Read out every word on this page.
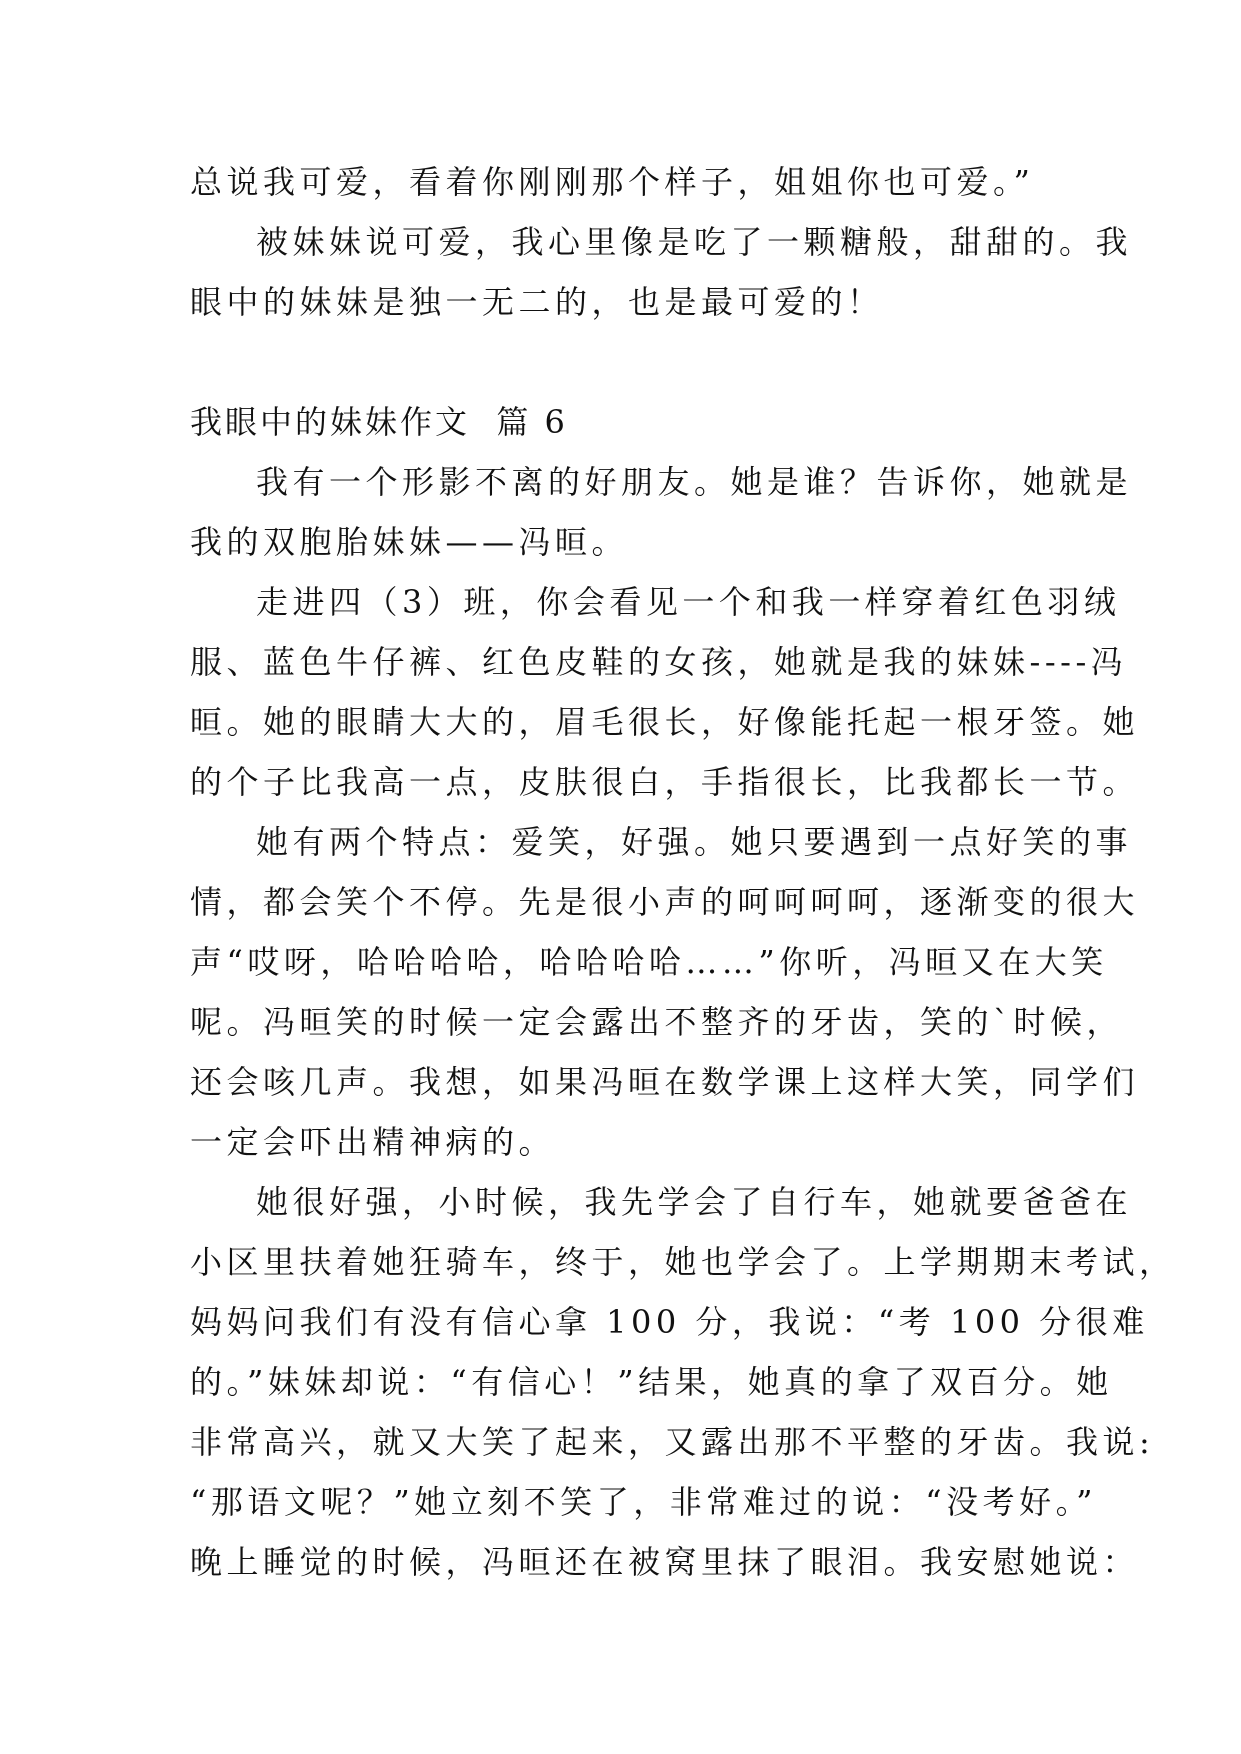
总说我可爱，看着你刚刚那个样子，姐姐你也可爱。”
被妹妹说可爱，我心里像是吃了一颗糖般，甜甜的。我
眼中的妹妹是独一无二的，也是最可爱的！
我眼中的妹妹作文  篇 6
我有一个形影不离的好朋友。她是谁？告诉你，她就是
我的双胞胎妹妹——冯晅。
走进四（3）班，你会看见一个和我一样穿着红色羽绒
服、蓝色牛仔裤、红色皮鞋的女孩，她就是我的妹妹----冯
晅。她的眼睛大大的，眉毛很长，好像能托起一根牙签。她
的个子比我高一点，皮肤很白，手指很长，比我都长一节。
她有两个特点：爱笑，好强。她只要遇到一点好笑的事
情，都会笑个不停。先是很小声的呵呵呵呵，逐渐变的很大
声“哎呀，哈哈哈哈，哈哈哈哈……”你听，冯晅又在大笑
呢。冯晅笑的时候一定会露出不整齐的牙齿，笑的`时候，
还会咳几声。我想，如果冯晅在数学课上这样大笑，同学们
一定会吓出精神病的。
她很好强，小时候，我先学会了自行车，她就要爸爸在
小区里扶着她狂骑车，终于，她也学会了。上学期期末考试，
妈妈问我们有没有信心拿 100 分，我说：“考 100 分很难
的。”妹妹却说：“有信心！”结果，她真的拿了双百分。她
非常高兴，就又大笑了起来，又露出那不平整的牙齿。我说:
“那语文呢？”她立刻不笑了，非常难过的说：“没考好。”
晚上睡觉的时候，冯晅还在被窝里抹了眼泪。我安慰她说：
